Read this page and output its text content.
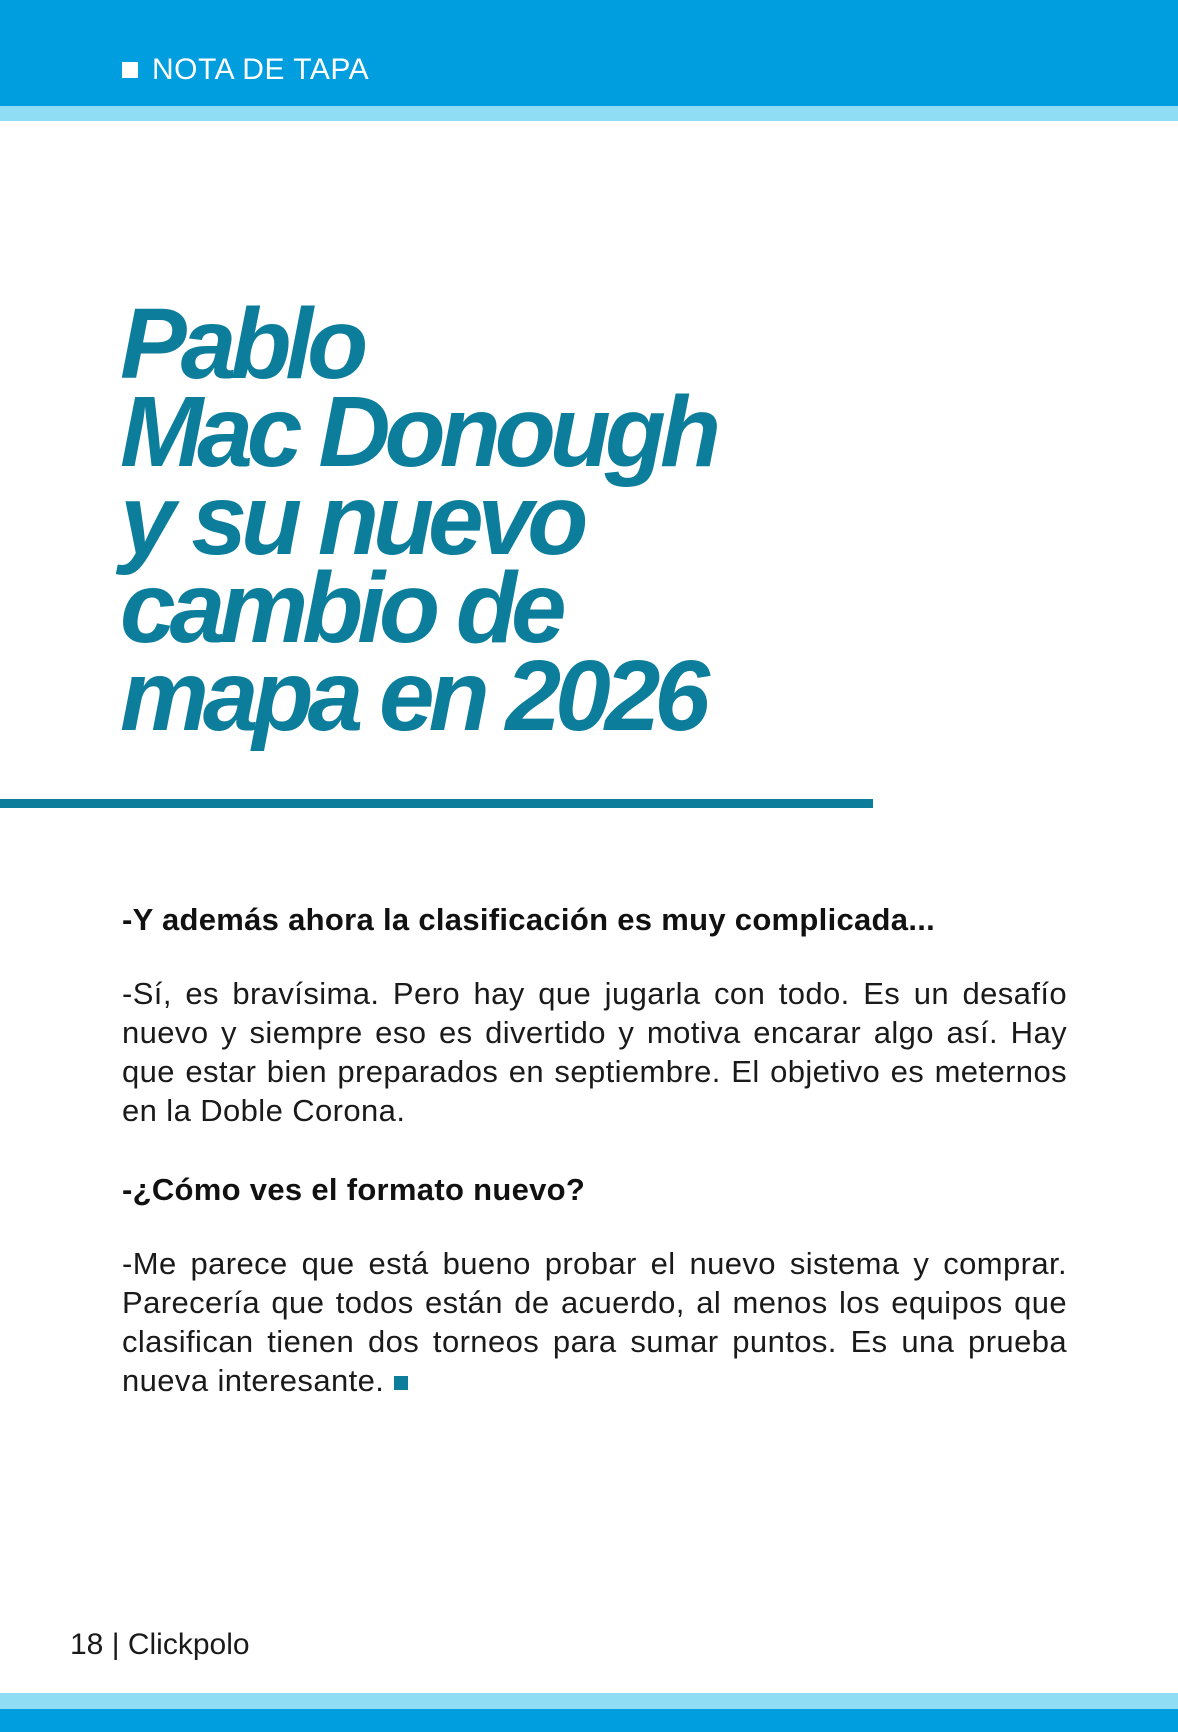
NOTA DE TAPA
Pablo
Mac Donough
y su nuevo
cambio de
mapa en 2026

-Y además ahora la clasificación es muy complicada...

-Sí, es bravísima. Pero hay que jugarla con todo. Es un desafío nuevo y siempre eso es divertido y motiva encarar algo así. Hay que estar bien preparados en septiembre. El objetivo es meternos en la Doble Corona.

-¿Cómo ves el formato nuevo?

-Me parece que está bueno probar el nuevo sistema y comprar. Parecería que todos están de acuerdo, al menos los equipos que clasifican tienen dos torneos para sumar puntos. Es una prueba nueva interesante.

18 | Clickpolo
